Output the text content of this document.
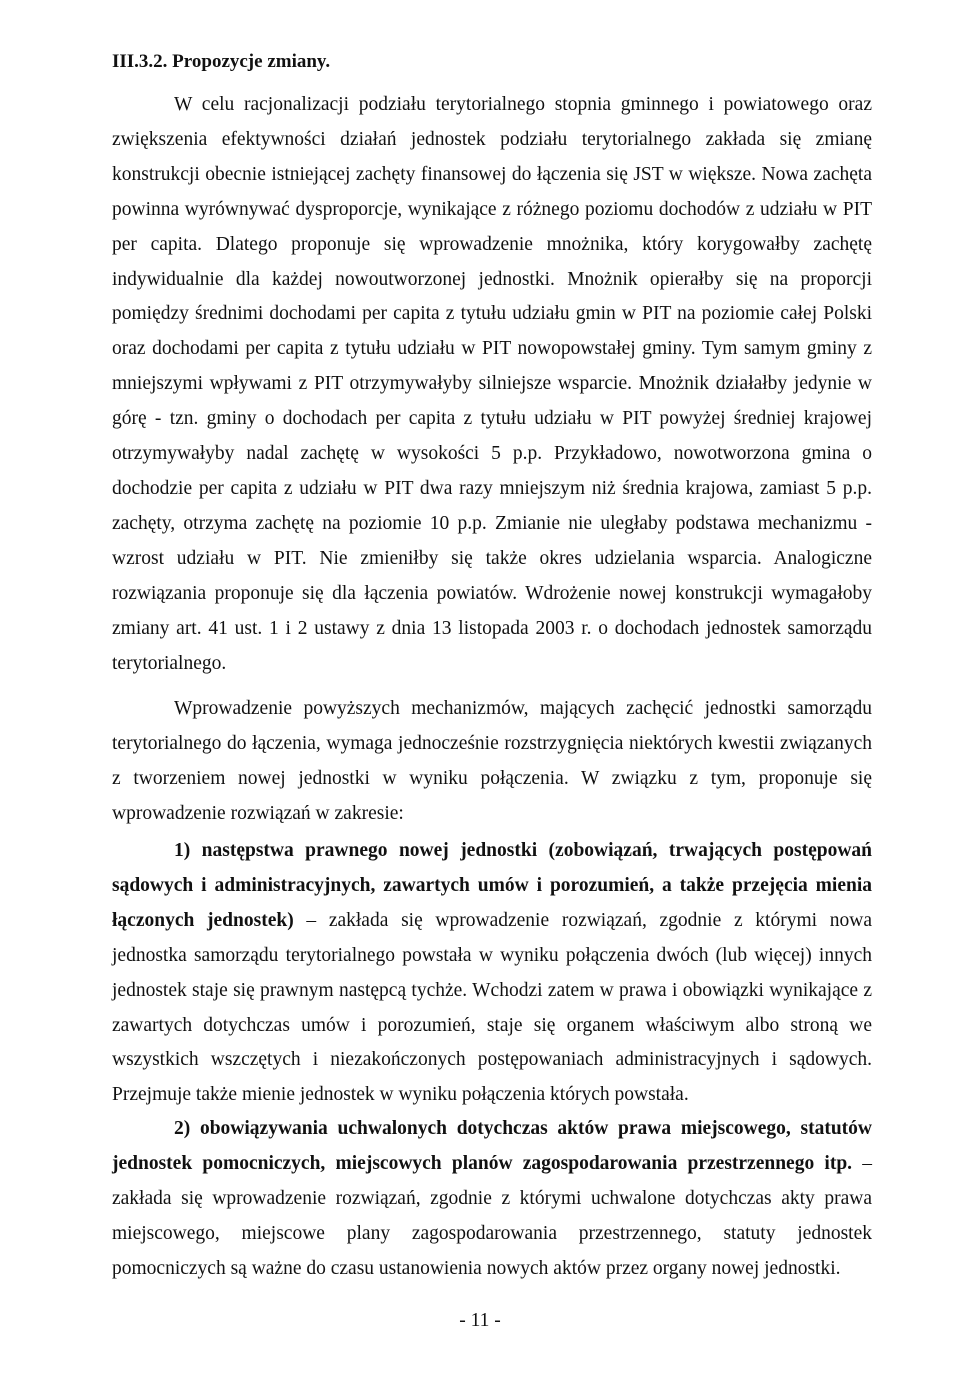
III.3.2. Propozycje zmiany.

W celu racjonalizacji podziału terytorialnego stopnia gminnego i powiatowego oraz zwiększenia efektywności działań jednostek podziału terytorialnego zakłada się zmianę konstrukcji obecnie istniejącej zachęty finansowej do łączenia się JST w większe. Nowa zachęta powinna wyrównywać dysproporcje, wynikające z różnego poziomu dochodów z udziału w PIT per capita. Dlatego proponuje się wprowadzenie mnożnika, który korygowałby zachętę indywidualnie dla każdej nowoutworzonej jednostki. Mnożnik opierałby się na proporcji pomiędzy średnimi dochodami per capita z tytułu udziału gmin w PIT na poziomie całej Polski oraz dochodami per capita z tytułu udziału w PIT nowopowstałej gminy. Tym samym gminy z mniejszymi wpływami z PIT otrzymywałyby silniejsze wsparcie. Mnożnik działałby jedynie w górę - tzn. gminy o dochodach per capita z tytułu udziału w PIT powyżej średniej krajowej otrzymywałyby nadal zachętę w wysokości 5 p.p. Przykładowo, nowotworzona gmina o dochodzie per capita z udziału w PIT dwa razy mniejszym niż średnia krajowa, zamiast 5 p.p. zachęty, otrzyma zachętę na poziomie 10 p.p. Zmianie nie uległaby podstawa mechanizmu - wzrost udziału w PIT. Nie zmieniłby się także okres udzielania wsparcia. Analogiczne rozwiązania proponuje się dla łączenia powiatów. Wdrożenie nowej konstrukcji wymagałoby zmiany art. 41 ust. 1 i 2 ustawy z dnia 13 listopada 2003 r. o dochodach jednostek samorządu terytorialnego.

Wprowadzenie powyższych mechanizmów, mających zachęcić jednostki samorządu terytorialnego do łączenia, wymaga jednocześnie rozstrzygnięcia niektórych kwestii związanych z tworzeniem nowej jednostki w wyniku połączenia. W związku z tym, proponuje się wprowadzenie rozwiązań w zakresie:

1) następstwa prawnego nowej jednostki (zobowiązań, trwających postępowań sądowych i administracyjnych, zawartych umów i porozumień, a także przejęcia mienia łączonych jednostek) – zakłada się wprowadzenie rozwiązań, zgodnie z którymi nowa jednostka samorządu terytorialnego powstała w wyniku połączenia dwóch (lub więcej) innych jednostek staje się prawnym następcą tychże. Wchodzi zatem w prawa i obowiązki wynikające z zawartych dotychczas umów i porozumień, staje się organem właściwym albo stroną we wszystkich wszczętych i niezakończonych postępowaniach administracyjnych i sądowych. Przejmuje także mienie jednostek w wyniku połączenia których powstała.

2) obowiązywania uchwalonych dotychczas aktów prawa miejscowego, statutów jednostek pomocniczych, miejscowych planów zagospodarowania przestrzennego itp. – zakłada się wprowadzenie rozwiązań, zgodnie z którymi uchwalone dotychczas akty prawa miejscowego, miejscowe plany zagospodarowania przestrzennego, statuty jednostek pomocniczych są ważne do czasu ustanowienia nowych aktów przez organy nowej jednostki.

- 11 -
